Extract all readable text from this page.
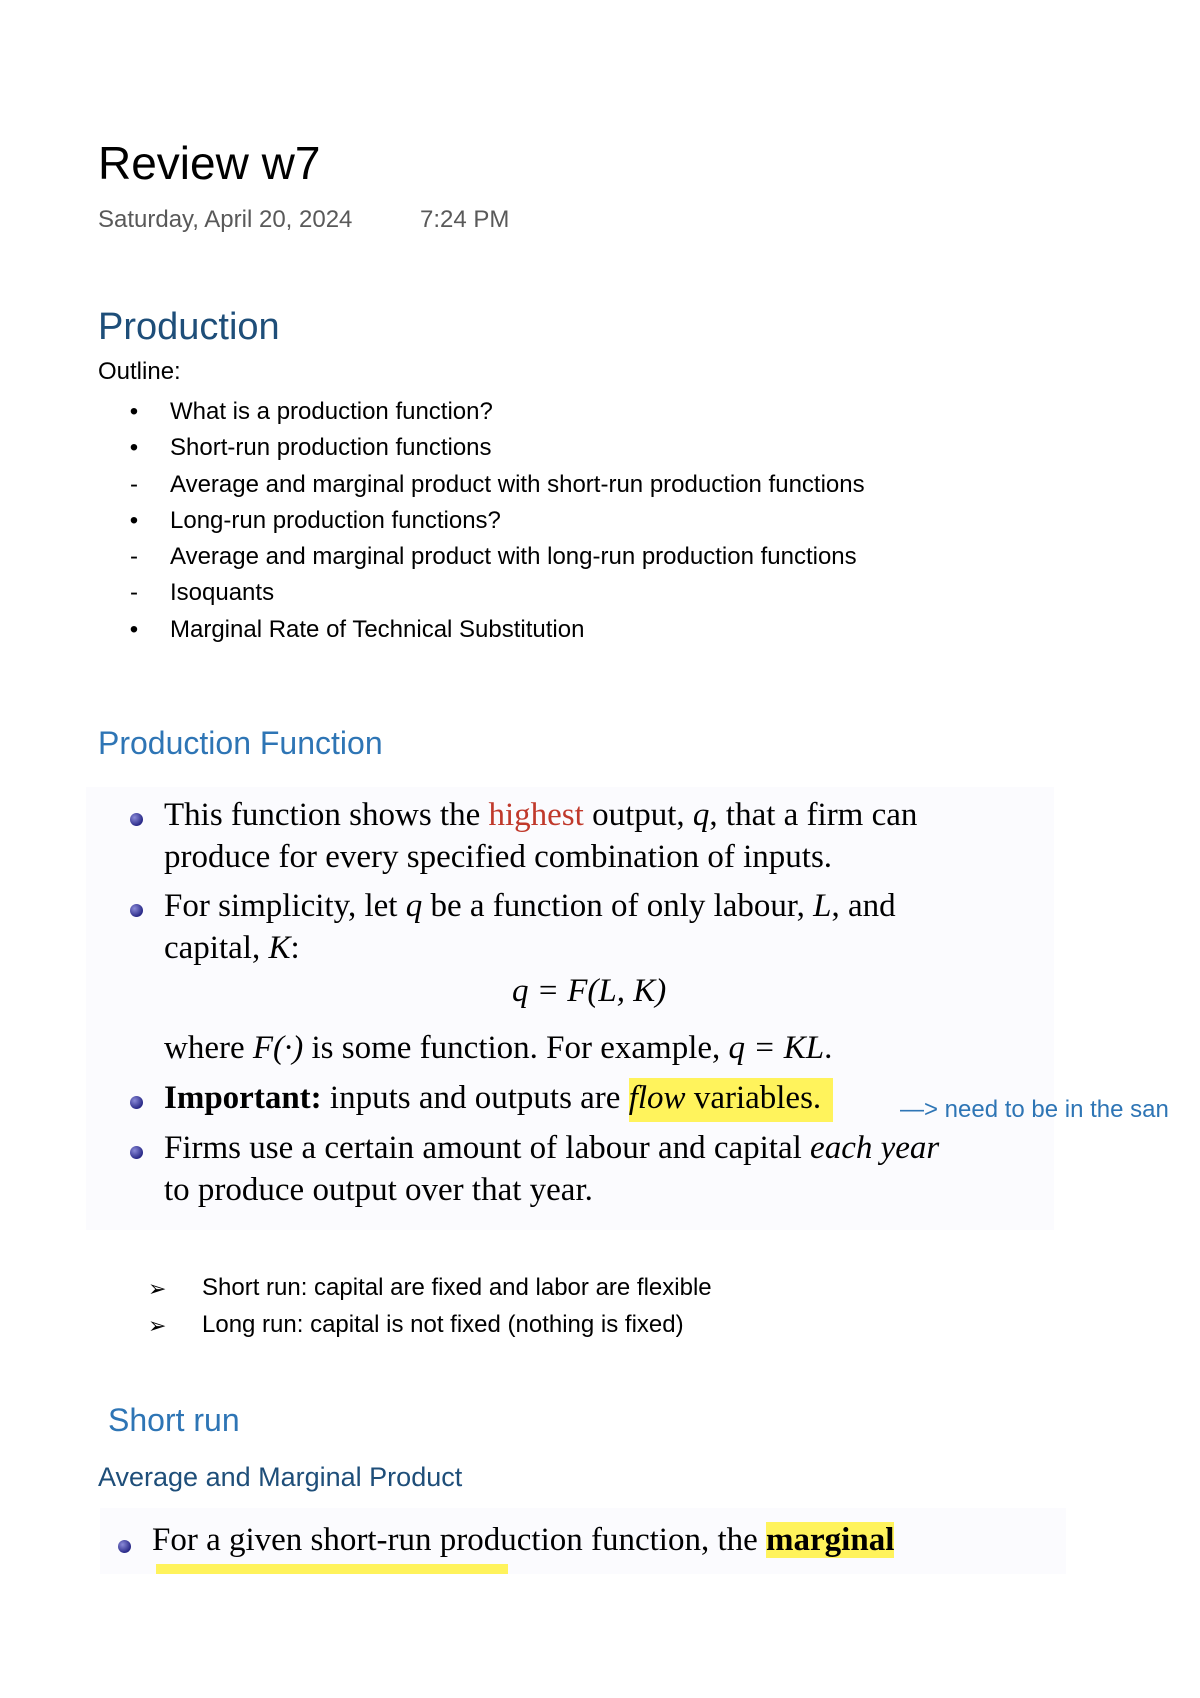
Review w7
Saturday, April 20, 2024	7:24 PM
Production
Outline:
• What is a production function?
• Short-run production functions
- Average and marginal product with short-run production functions
• Long-run production functions?
- Average and marginal product with long-run production functions
- Isoquants
• Marginal Rate of Technical Substitution
Production Function
This function shows the highest output, q, that a firm can
produce for every specified combination of inputs.
For simplicity, let q be a function of only labour, L, and
capital, K:
q = F(L, K)
where F(·) is some function. For example, q = KL.
Important: inputs and outputs are flow variables.	—> need to be in the san
Firms use a certain amount of labour and capital each year
to produce output over that year.
➢ Short run: capital are fixed and labor are flexible
➢ Long run: capital is not fixed (nothing is fixed)
Short run
Average and Marginal Product
For a given short-run production function, the marginal
